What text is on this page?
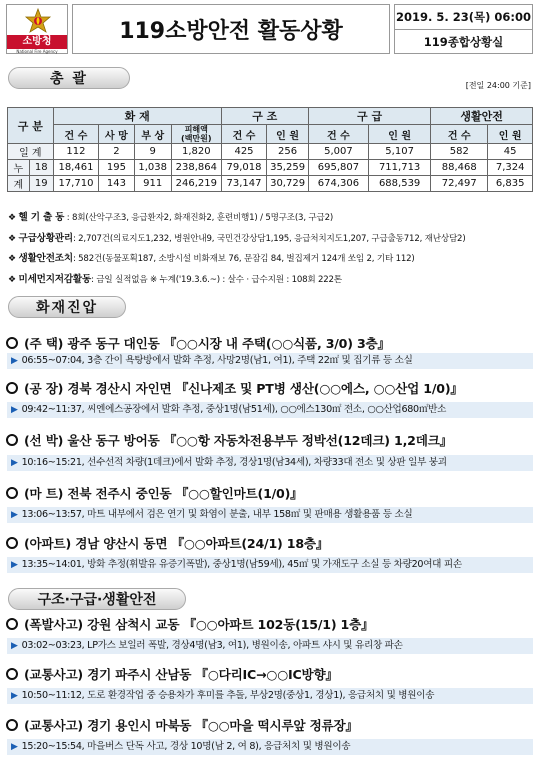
소방청
National Fire Agency
119소방안전 활동상황
2019. 5. 23(목) 06:00
119종합상황실
총 괄	[전일 24:00 기준]
구 분		화 재				구 조		구 급		생활안전	
		건 수	사 망	부 상	피해액
(백만원)	건 수	인 원	건 수	인 원	건 수	인 원
일 계		112	2	9	1,820	425	256	5,007	5,107	582	45
누	18	18,461	195	1,038	238,864	79,018	35,259	695,807	711,713	88,468	7,324
계	19	17,710	143	911	246,219	73,147	30,729	674,306	688,539	72,497	6,835
❖ 헬 기 출 동 : 8회(산악구조3, 응급환자2, 화재진화2, 훈련비행1) / 5명구조(3, 구급2)
❖ 구급상황관리: 2,707건(의료지도1,232, 병원안내9, 국민건강상담1,195, 응급처치지도1,207, 구급출동712, 재난상담2)
❖ 생활안전조치: 582건(동물포획187, 소방시설 비화재보 76, 문잠김 84, 벌집제거 124개 쏘임 2, 기타 112)
❖ 미세먼지저감활동: 금일 실적없음 ※ 누계('19.3.6.~) : 살수 · 급수지원 : 108회 222톤
화재진압
(주 택) 광주 동구 대인동 『○○시장 내 주택(○○식품, 3/0) 3층』
▶ 06:55~07:04, 3층 간이 욕탕방에서 발화 추정, 사망2명(남1, 여1), 주택 22㎡ 및 집기류 등 소실
(공 장) 경북 경산시 자인면 『신나제조 및 PT병 생산(○○에스, ○○산업 1/0)』
▶ 09:42~11:37, 씨엔에스공장에서 발화 추정, 중상1명(남51세), ○○에스130㎡ 전소, ○○산업680㎡반소
(선 박) 울산 동구 방어동 『○○항 자동차전용부두 정박선(12데크) 1,2데크』
▶ 10:16~15:21, 선수선적 차량(1데크)에서 발화 추정, 경상1명(남34세), 차량33대 전소 및 상판 일부 붕괴
(마 트) 전북 전주시 중인동 『○○할인마트(1/0)』
▶ 13:06~13:57, 마트 내부에서 검은 연기 및 화염이 분출, 내부 158㎡ 및 판매용 생활용품 등 소실
(아파트) 경남 양산시 동면 『○○아파트(24/1) 18층』
▶ 13:35~14:01, 방화 추정(휘발유 유증기폭발), 중상1명(남59세), 45㎡ 및 가재도구 소실 등 차량20여대 피손
구조·구급·생활안전
(폭발사고) 강원 삼척시 교동 『○○아파트 102동(15/1) 1층』
▶ 03:02~03:23, LP가스 보일러 폭발, 경상4명(남3, 여1), 병원이송, 아파트 샤시 및 유리창 파손
(교통사고) 경기 파주시 산남동 『○다리IC→○○IC방향』
▶ 10:50~11:12, 도로 환경작업 중 승용차가 후미를 추돌, 부상2명(중상1, 경상1), 응급처치 및 병원이송
(교통사고) 경기 용인시 마북동 『○○마을 떡시루앞 정류장』
▶ 15:20~15:54, 마을버스 단독 사고, 경상 10명(남 2, 여 8), 응급처치 및 병원이송
